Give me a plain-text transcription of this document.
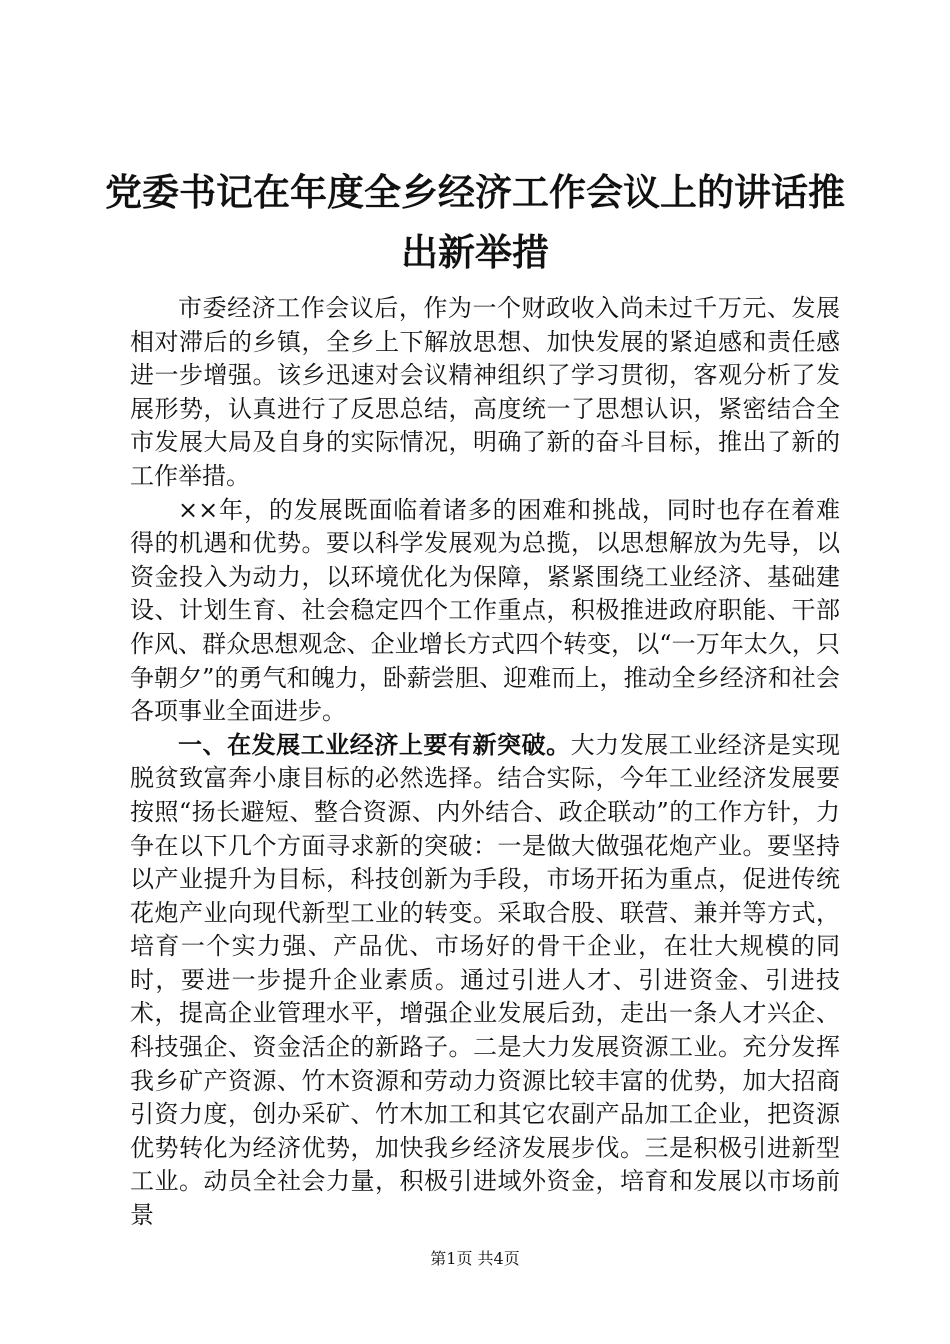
党委书记在年度全乡经济工作会议上的讲话推
出新举措

市委经济工作会议后，作为一个财政收入尚未过千万元、发展相对滞后的乡镇，全乡上下解放思想、加快发展的紧迫感和责任感进一步增强。该乡迅速对会议精神组织了学习贯彻，客观分析了发展形势，认真进行了反思总结，高度统一了思想认识，紧密结合全市发展大局及自身的实际情况，明确了新的奋斗目标，推出了新的工作举措。

××年，的发展既面临着诸多的困难和挑战，同时也存在着难得的机遇和优势。要以科学发展观为总揽，以思想解放为先导，以资金投入为动力，以环境优化为保障，紧紧围绕工业经济、基础建设、计划生育、社会稳定四个工作重点，积极推进政府职能、干部作风、群众思想观念、企业增长方式四个转变，以“一万年太久，只争朝夕”的勇气和魄力，卧薪尝胆、迎难而上，推动全乡经济和社会各项事业全面进步。

一、在发展工业经济上要有新突破。大力发展工业经济是实现脱贫致富奔小康目标的必然选择。结合实际，今年工业经济发展要按照“扬长避短、整合资源、内外结合、政企联动”的工作方针，力争在以下几个方面寻求新的突破：一是做大做强花炮产业。要坚持以产业提升为目标，科技创新为手段，市场开拓为重点，促进传统花炮产业向现代新型工业的转变。采取合股、联营、兼并等方式，培育一个实力强、产品优、市场好的骨干企业，在壮大规模的同时，要进一步提升企业素质。通过引进人才、引进资金、引进技术，提高企业管理水平，增强企业发展后劲，走出一条人才兴企、科技强企、资金活企的新路子。二是大力发展资源工业。充分发挥我乡矿产资源、竹木资源和劳动力资源比较丰富的优势，加大招商引资力度，创办采矿、竹木加工和其它农副产品加工企业，把资源优势转化为经济优势，加快我乡经济发展步伐。三是积极引进新型工业。动员全社会力量，积极引进域外资金，培育和发展以市场前景

第1页 共4页
